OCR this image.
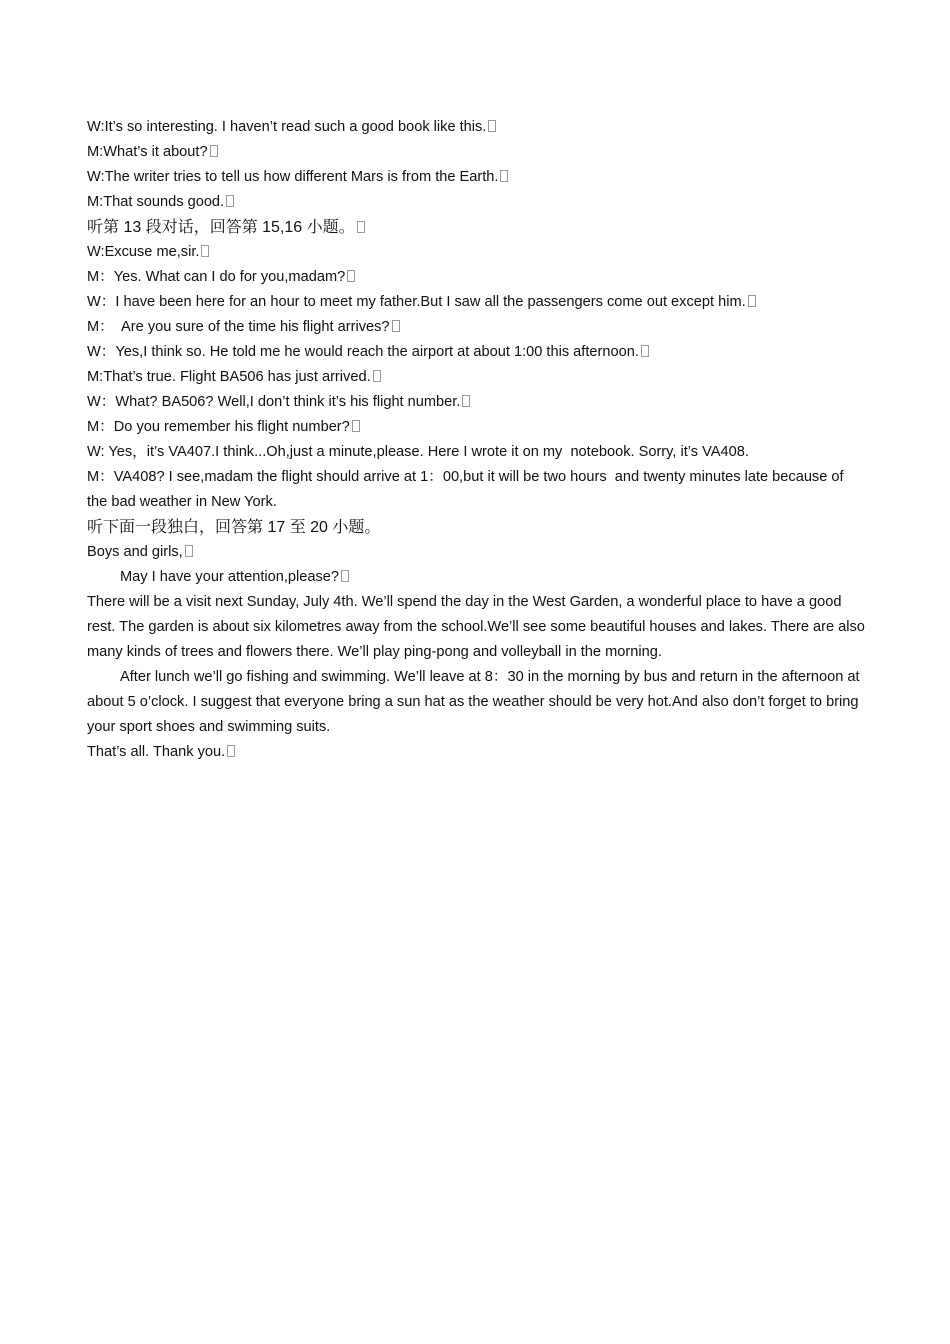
W:It’s so interesting. I haven’t read such a good book like this.

M:What’s it about?

W:The writer tries to tell us how different Mars is from the Earth.

M:That sounds good.

听第 13 段对话，回答第 15,16 小题。

W:Excuse me,sir.

M：Yes. What can I do for you,madam?

W：I have been here for an hour to meet my father.But I saw all the passengers come out except him.

M：  Are you sure of the time his flight arrives?

W：Yes,I think so. He told me he would reach the airport at about 1:00 this afternoon.

M:That’s true. Flight BA506 has just arrived.

W：What? BA506? Well,I don’t think it’s his flight number.

M：Do you remember his flight number?

W: Yes，it’s VA407.I think...Oh,just a minute,please. Here I wrote it on my  notebook. Sorry, it’s VA408.

M：VA408? I see,madam the flight should arrive at 1：00,but it will be two hours  and twenty minutes late because of the bad weather in New York.

听下面一段独白，回答第 17 至 20 小题。

Boys and girls,

May I have your attention,please?

There will be a visit next Sunday, July 4th. We’ll spend the day in the West Garden, a wonderful place to have a good rest. The garden is about six kilometres away from the school.We’ll see some beautiful houses and lakes. There are also many kinds of trees and flowers there. We’ll play ping-pong and volleyball in the morning.

After lunch we’ll go fishing and swimming. We’ll leave at 8：30 in the morning by bus and return in the afternoon at about 5 o’clock. I suggest that everyone bring a sun hat as the weather should be very hot.And also don’t forget to bring your sport shoes and swimming suits.

That’s all. Thank you.
